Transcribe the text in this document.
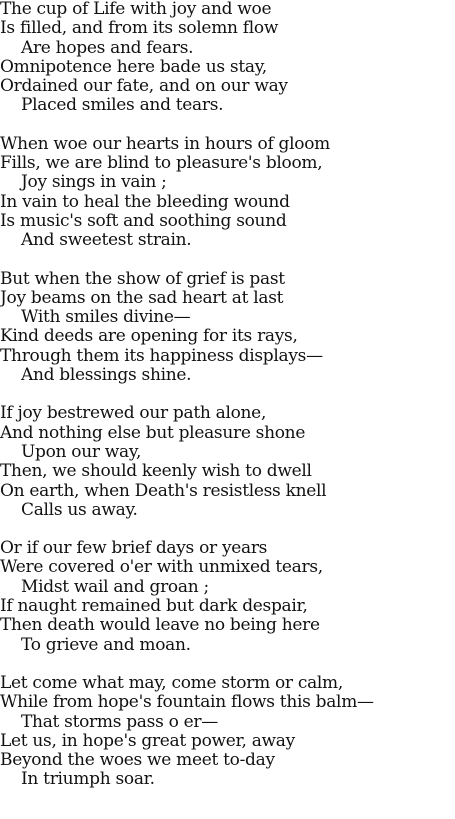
The cup of Life with joy and woe
Is filled, and from its solemn flow
Are hopes and fears.
Omnipotence here bade us stay,
Ordained our fate, and on our way
Placed smiles and tears.
When woe our hearts in hours of gloom
Fills, we are blind to pleasure's bloom,
Joy sings in vain ;
In vain to heal the bleeding wound
Is music's soft and soothing sound
And sweetest strain.
But when the show of grief is past
Joy beams on the sad heart at last
With smiles divine—
Kind deeds are opening for its rays,
Through them its happiness displays—
And blessings shine.
If joy bestrewed our path alone,
And nothing else but pleasure shone
Upon our way,
Then, we should keenly wish to dwell
On earth, when Death's resistless knell
Calls us away.
Or if our few brief days or years
Were covered o'er with unmixed tears,
Midst wail and groan ;
If naught remained but dark despair,
Then death would leave no being here
To grieve and moan.
Let come what may, come storm or calm,
While from hope's fountain flows this balm—
That storms pass o er—
Let us, in hope's great power, away
Beyond the woes we meet to-day
In triumph soar.
